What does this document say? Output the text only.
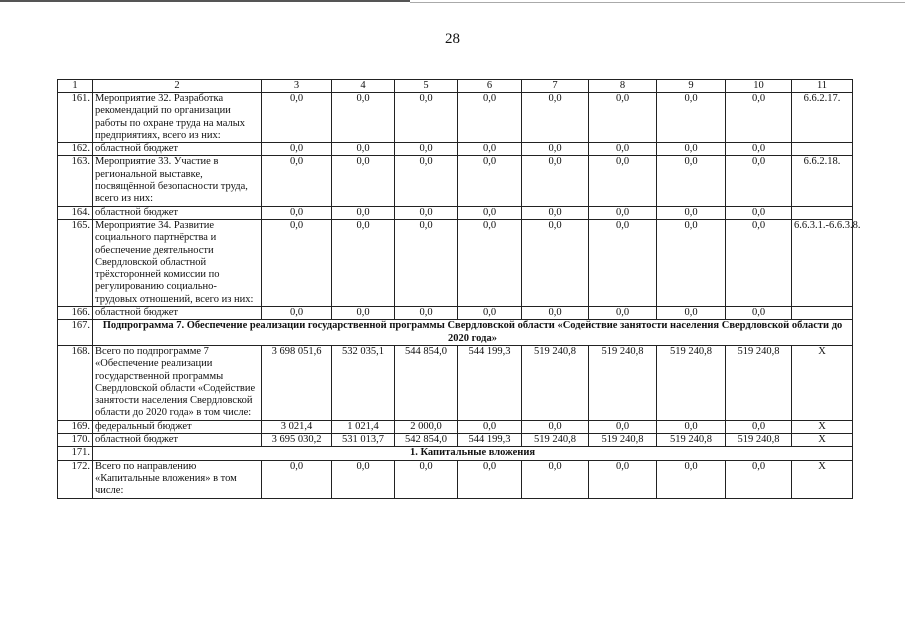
28
1	2	3	4	5	6	7	8	9	10	11
161.	Мероприятие 32. Разработка рекомендаций по организации работы по охране труда на малых предприятиях, всего из них:	0,0	0,0	0,0	0,0	0,0	0,0	0,0	0,0	6.6.2.17.
162.	областной бюджет	0,0	0,0	0,0	0,0	0,0	0,0	0,0	0,0	
163.	Мероприятие 33. Участие в региональной выставке, посвящённой безопасности труда, всего из них:	0,0	0,0	0,0	0,0	0,0	0,0	0,0	0,0	6.6.2.18.
164.	областной бюджет	0,0	0,0	0,0	0,0	0,0	0,0	0,0	0,0	
165.	Мероприятие 34. Развитие социального партнёрства и обеспечение деятельности Свердловской областной трёхсторонней комиссии по регулированию социально-трудовых отношений, всего из них:	0,0	0,0	0,0	0,0	0,0	0,0	0,0	0,0	6.6.3.1.-6.6.3.8.
166.	областной бюджет	0,0	0,0	0,0	0,0	0,0	0,0	0,0	0,0	
167.	Подпрограмма 7. Обеспечение реализации государственной программы Свердловской области «Содействие занятости населения Свердловской области до 2020 года»									
168.	Всего по подпрограмме 7 «Обеспечение реализации государственной программы Свердловской области «Содействие занятости населения Свердловской области до 2020 года» в том числе:	3 698 051,6	532 035,1	544 854,0	544 199,3	519 240,8	519 240,8	519 240,8	519 240,8	Х
169.	федеральный бюджет	3 021,4	1 021,4	2 000,0	0,0	0,0	0,0	0,0	0,0	Х
170.	областной бюджет	3 695 030,2	531 013,7	542 854,0	544 199,3	519 240,8	519 240,8	519 240,8	519 240,8	Х
171.	1. Капитальные вложения									
172.	Всего по направлению «Капитальные вложения» в том числе:	0,0	0,0	0,0	0,0	0,0	0,0	0,0	0,0	Х
